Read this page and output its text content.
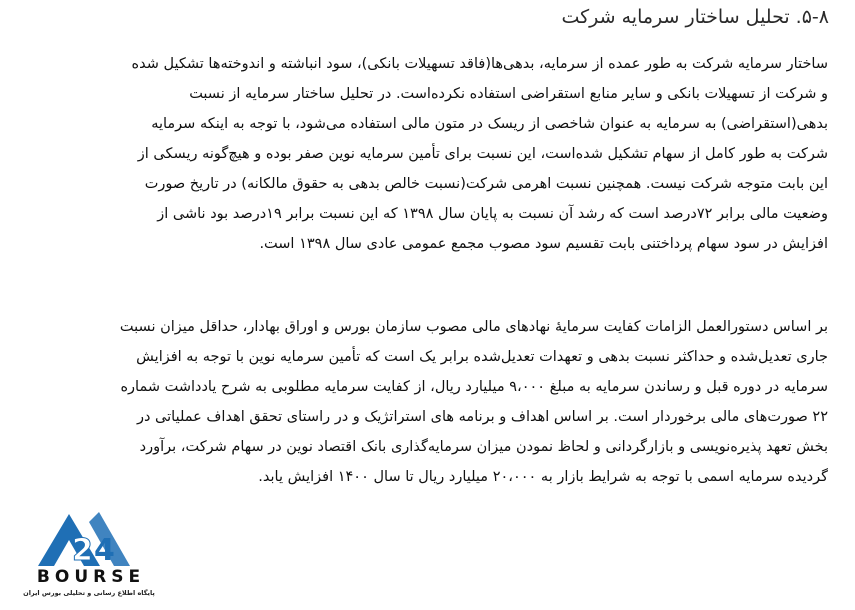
۵-۸. تحلیل ساختار سرمایه شرکت
ساختار سرمایه شرکت به طور عمده از سرمایه، بدهی‌ها(فاقد تسهیلات بانکی)، سود انباشته و اندوخته‌ها تشکیل شده
و شرکت از تسهیلات بانکی و سایر منابع استقراضی استفاده نکرده‌است. در تحلیل ساختار سرمایه از نسبت
بدهی(استقراضی) به سرمایه به عنوان شاخصی از ریسک در متون مالی استفاده می‌شود، با توجه به اینکه سرمایه
شرکت به طور کامل از سهام تشکیل شده‌است، این نسبت برای تأمین سرمایه نوین صفر بوده و هیچ‌گونه ریسکی از
این بابت متوجه شرکت نیست. همچنین نسبت اهرمی شرکت(نسبت خالص بدهی به حقوق مالکانه) در تاریخ صورت
وضعیت مالی برابر ۷۲درصد است که رشد آن نسبت به پایان سال ۱۳۹۸ که این نسبت برابر ۱۹درصد بود ناشی از
افزایش در سود سهام پرداختنی بابت تقسیم سود مصوب مجمع عمومی عادی سال ۱۳۹۸ است.
بر اساس دستورالعمل الزامات کفایت سرمایهٔ نهادهای مالی مصوب سازمان بورس و اوراق بهادار، حداقل میزان نسبت
جاری تعدیل‌شده و حداکثر نسبت بدهی و تعهدات تعدیل‌شده برابر یک است که تأمین سرمایه نوین با توجه به افزایش
سرمایه در دوره قبل و رساندن سرمایه به مبلغ ۹،۰۰۰ میلیارد ریال، از کفایت سرمایه مطلوبی به شرح یادداشت شماره
۲۲ صورت‌های مالی برخوردار است. بر اساس اهداف و برنامه های استراتژیک و در راستای تحقق اهداف عملیاتی در
بخش تعهد پذیره‌نویسی و بازارگردانی و لحاظ نمودن میزان سرمایه‌گذاری بانک اقتصاد نوین در سهام شرکت، برآورد
گردیده سرمایه اسمی با توجه به شرایط بازار به ۲۰،۰۰۰ میلیارد ریال تا سال ۱۴۰۰ افزایش یابد.
2 4
BOURSE
پایگاه اطلاع رسانی و تحلیلی بورس ایران
